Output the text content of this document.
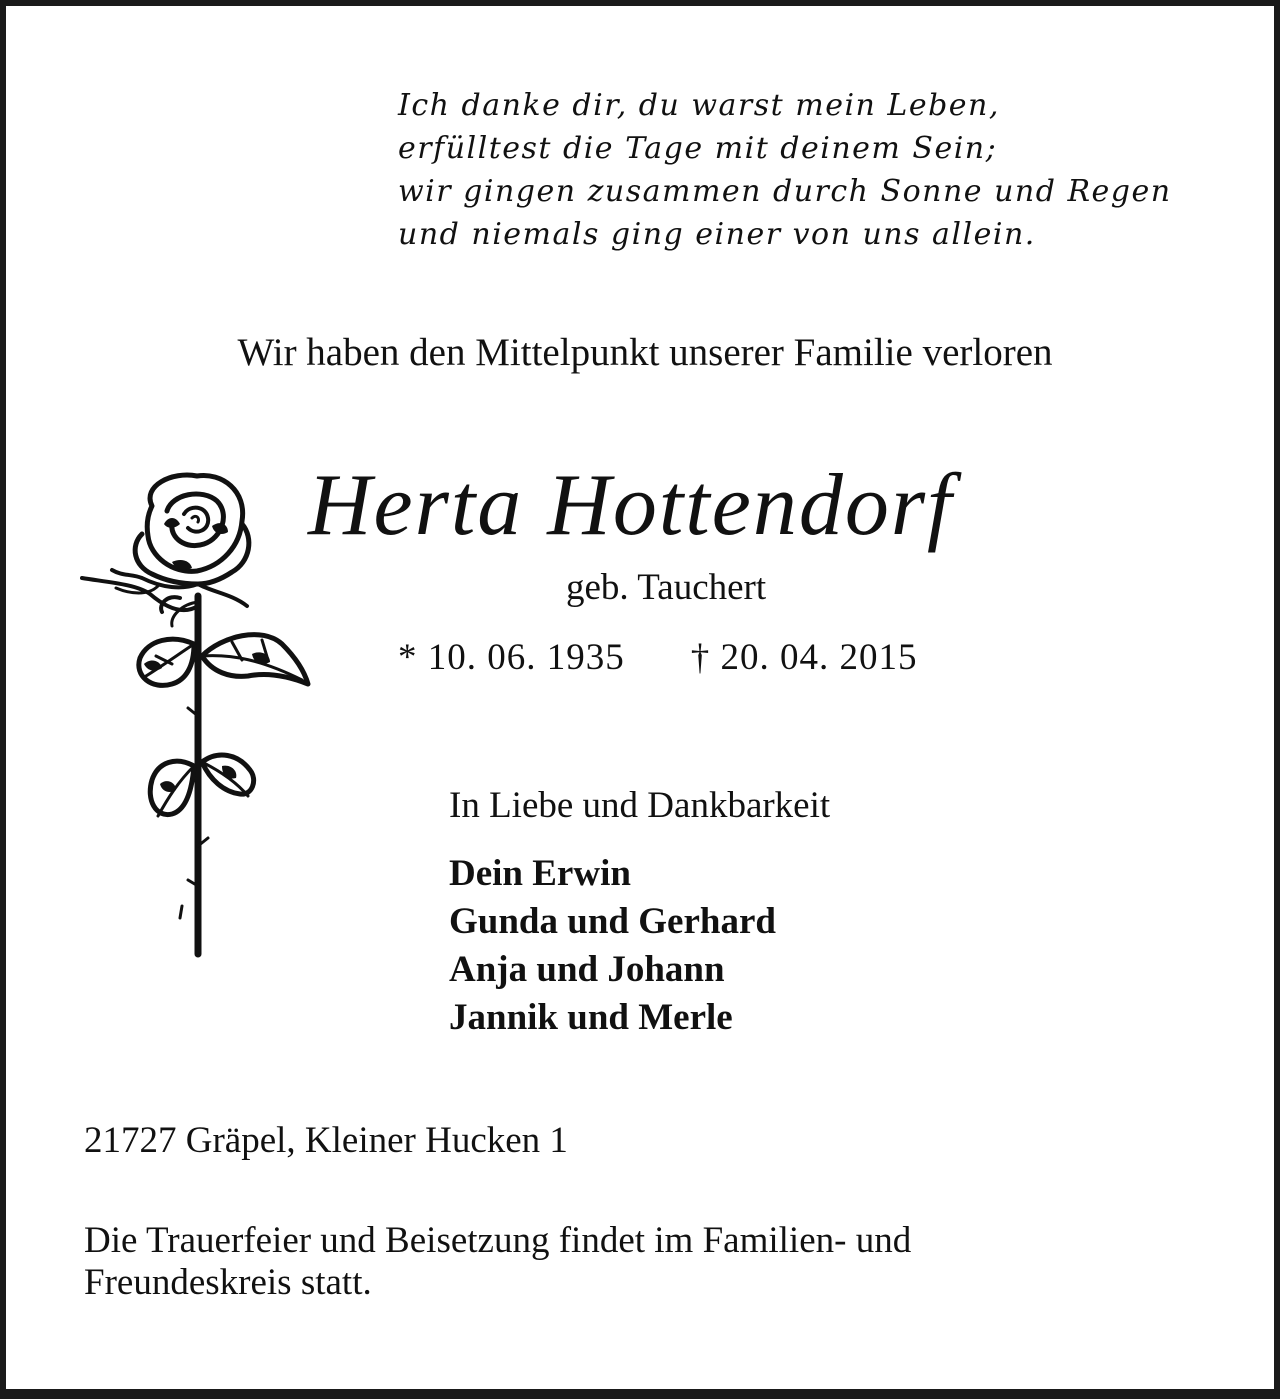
Ich danke dir, du warst mein Leben,
erfülltest die Tage mit deinem Sein;
wir gingen zusammen durch Sonne und Regen
und niemals ging einer von uns allein.
Wir haben den Mittelpunkt unserer Familie verloren
Herta Hottendorf
geb. Tauchert
* 10. 06. 1935 † 20. 04. 2015
In Liebe und Dankbarkeit
Dein Erwin
Gunda und Gerhard
Anja und Johann
Jannik und Merle
21727 Gräpel, Kleiner Hucken 1
Die Trauerfeier und Beisetzung findet im Familien- und
Freundeskreis statt.
